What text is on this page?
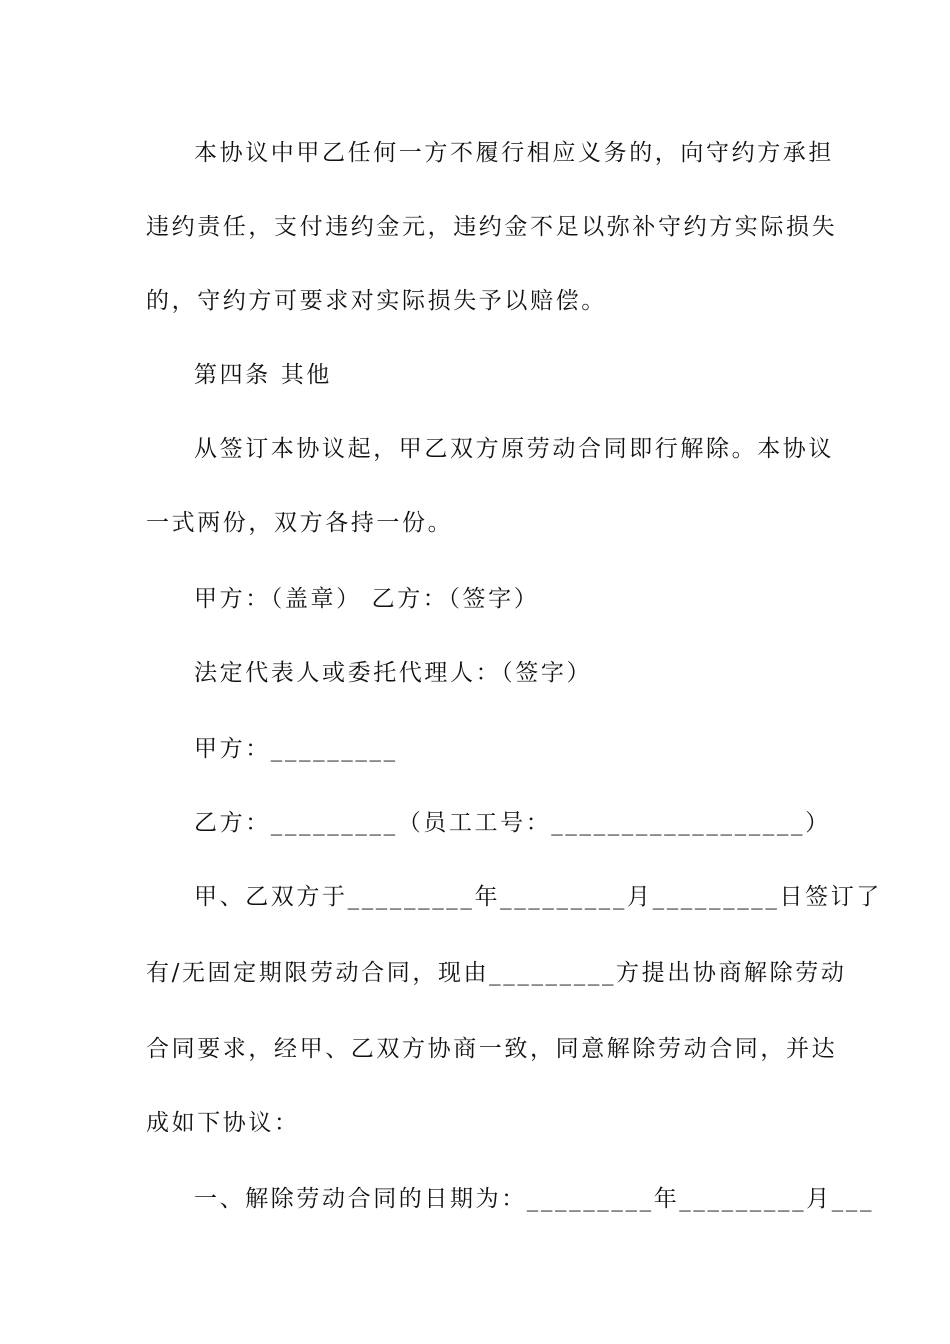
本协议中甲乙任何一方不履行相应义务的，向守约方承担
违约责任，支付违约金元，违约金不足以弥补守约方实际损失
的，守约方可要求对实际损失予以赔偿。
第四条 其他
从签订本协议起，甲乙双方原劳动合同即行解除。本协议
一式两份，双方各持一份。
甲方：（盖章） 乙方：（签字）
法定代表人或委托代理人：（签字）
甲方：_________
乙方：_________（员工工号：__________________）
甲、乙双方于_________年_________月_________日签订了
有/无固定期限劳动合同，现由_________方提出协商解除劳动
合同要求，经甲、乙双方协商一致，同意解除劳动合同，并达
成如下协议：
一、解除劳动合同的日期为：_________年_________月___
